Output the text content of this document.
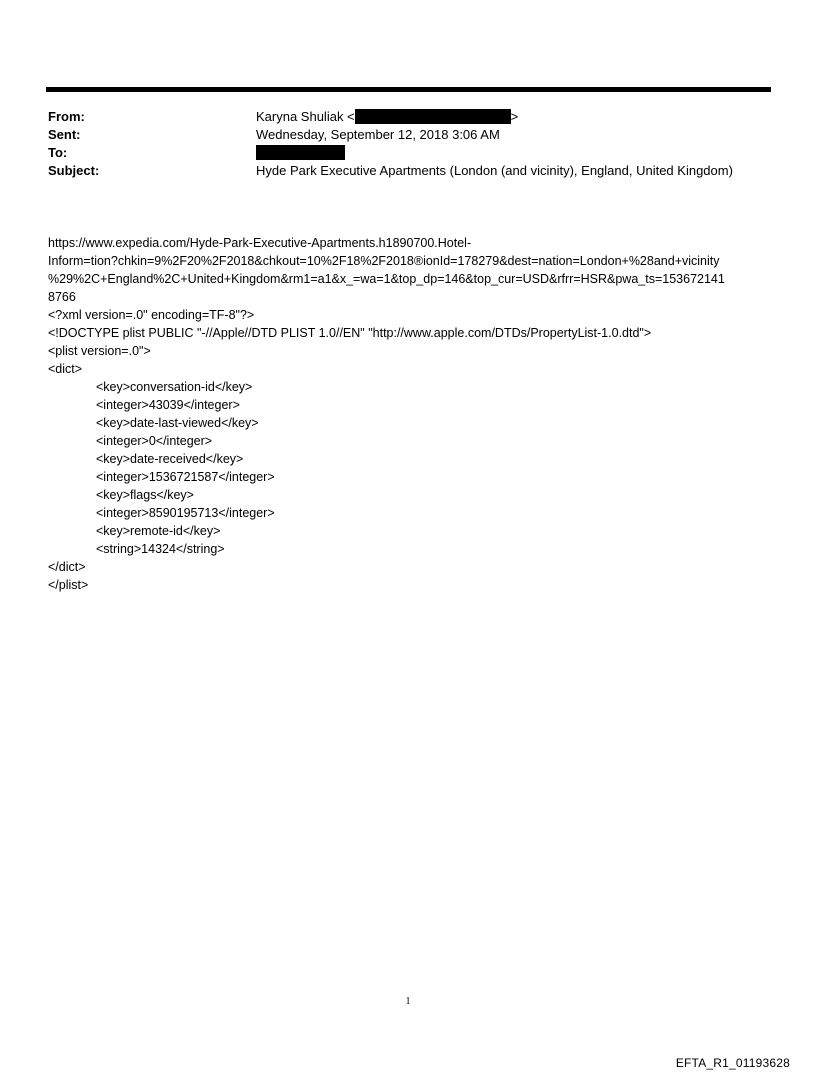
From:	Karyna Shuliak <	>
Sent:	Wednesday, September 12, 2018 3:06 AM
To:
Subject:	Hyde Park Executive Apartments (London (and vicinity), England, United Kingdom)
https://www.expedia.com/Hyde-Park-Executive-Apartments.h1890700.Hotel-
Inform=tion?chkin=9%2F20%2F2018&chkout=10%2F18%2F2018®ionId=178279&dest=nation=London+%28and+vicinity
%29%2C+England%2C+United+Kingdom&rm1=a1&x_=wa=1&top_dp=146&top_cur=USD&rfrr=HSR&pwa_ts=153672141
8766
<?xml version=.0" encoding=TF-8"?>
<!DOCTYPE plist PUBLIC "-//Apple//DTD PLIST 1.0//EN" "http://www.apple.com/DTDs/PropertyList-1.0.dtd">
<plist version=.0">
<dict>
<key>conversation-id</key>
<integer>43039</integer>
<key>date-last-viewed</key>
<integer>0</integer>
<key>date-received</key>
<integer>1536721587</integer>
<key>flags</key>
<integer>8590195713</integer>
<key>remote-id</key>
<string>14324</string>
</dict>
</plist>
1
EFTA_R1_01193628
